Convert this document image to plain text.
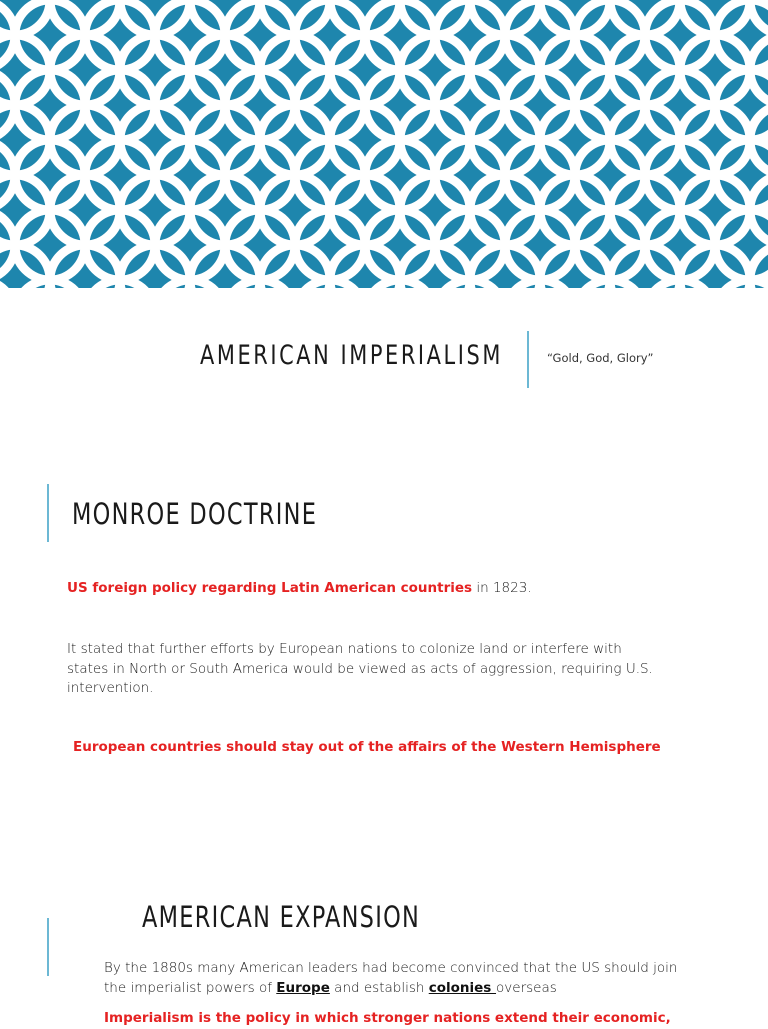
AMERICAN IMPERIALISM	“Gold, God, Glory”
MONROE DOCTRINE
US foreign policy regarding Latin American countries in 1823.
It stated that further efforts by European nations to colonize land or interfere with states in North or South America would be viewed as acts of aggression, requiring U.S. intervention.
European countries should stay out of the affairs of the Western Hemisphere
AMERICAN EXPANSION
By the 1880s many American leaders had become convinced that the US should join the imperialist powers of Europe and establish colonies overseas
Imperialism is the policy in which stronger nations extend their economic,
